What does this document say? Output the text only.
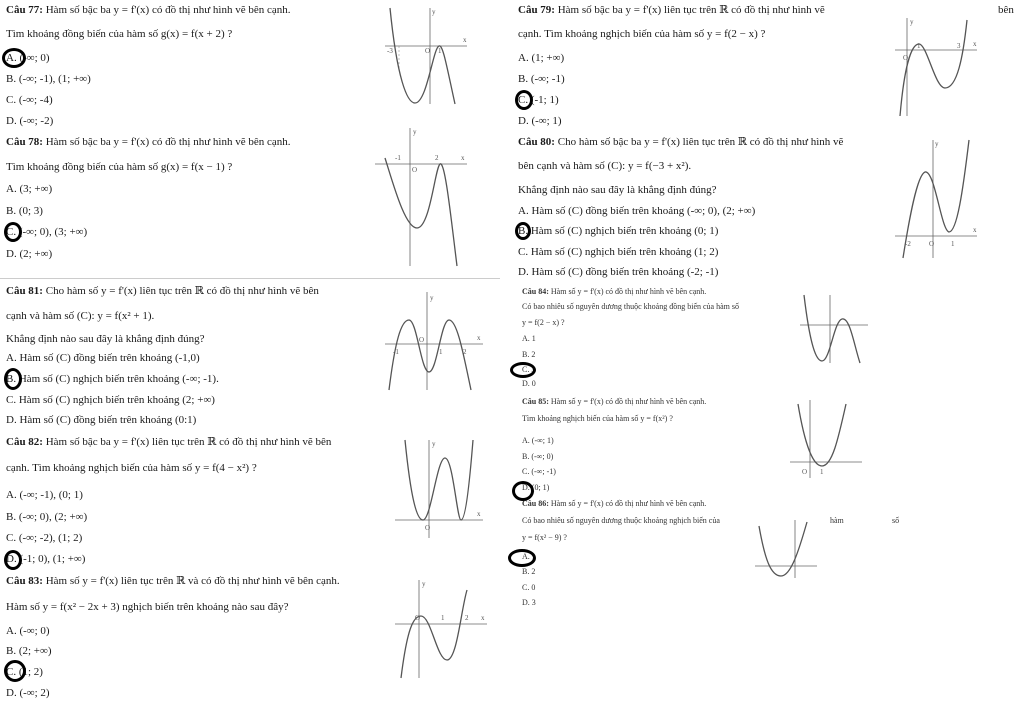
Câu 77: Hàm số bậc ba y = f'(x) có đồ thị như hình vẽ bên cạnh.
Tìm khoảng đồng biến của hàm số g(x) = f(x + 2) ?
A. (-∞; 0)
B. (-∞; -1), (1; +∞)
C. (-∞; -4)
D. (-∞; -2)
-3	O 1
x
y
Câu 78: Hàm số bậc ba y = f'(x) có đồ thị như hình vẽ bên cạnh.
Tìm khoảng đồng biến của hàm số g(x) = f(x − 1) ?
A. (3; +∞)
B. (0; 3)
C. (-∞; 0), (3; +∞)
D. (2; +∞)
-1
O
2	x
y
Câu 79: Hàm số bậc ba y = f'(x) liên tục trên ℝ có đồ thị như hình vẽ	bên
cạnh. Tìm khoảng nghịch biến của hàm số y = f(2 − x) ?
A. (1; +∞)
B. (-∞; -1)
C. (-1; 1)
D. (-∞; 1)
O
1	3 x
y
Câu 80: Cho hàm số bậc ba y = f'(x) liên tục trên ℝ có đồ thị như hình vẽ
bên cạnh và hàm số (C): y = f(−3 + x²).
Khẳng định nào sau đây là khẳng định đúng?
A. Hàm số (C) đồng biến trên khoảng (-∞; 0), (2; +∞)
B. Hàm số (C) nghịch biến trên khoảng (0; 1)
C. Hàm số (C) nghịch biến trên khoảng (1; 2)
D. Hàm số (C) đồng biến trên khoảng (-2; -1)
-2	O 1
x
y
Câu 81: Cho hàm số y = f'(x) liên tục trên ℝ có đồ thị như hình vẽ bên
cạnh và hàm số (C): y = f(x² + 1).
Khẳng định nào sau đây là khẳng định đúng?
A. Hàm số (C) đồng biến trên khoảng (-1,0)
B. Hàm số (C) nghịch biến trên khoảng (-∞; -1).
C. Hàm số (C) nghịch biến trên khoảng (2; +∞)
D. Hàm số (C) đồng biến trên khoảng (0:1)
-1
O
1	2
x
y
Câu 82: Hàm số bậc ba y = f'(x) liên tục trên ℝ có đồ thị như hình vẽ bên
cạnh. Tìm khoảng nghịch biến của hàm số y = f(4 − x²) ?
A. (-∞; -1), (0; 1)
B. (-∞; 0), (2; +∞)
C. (-∞; -2), (1; 2)
D. (-1; 0), (1; +∞)
O
x
y
Câu 83: Hàm số y = f'(x) liên tục trên ℝ và có đồ thị như hình vẽ bên cạnh.
Hàm số y = f(x² − 2x + 3) nghịch biến trên khoảng nào sau đây?
A. (-∞; 0)
B. (2; +∞)
C. (1; 2)
D. (-∞; 2)
O	1	2 x
y
Câu 84: Hàm số y = f'(x) có đồ thị như hình vẽ bên cạnh.
Có bao nhiêu số nguyên dương thuộc khoảng đồng biến của hàm số
y = f(2 − x) ?
A. 1
B. 2
C. 3
D. 0
Câu 85: Hàm số y = f'(x) có đồ thị như hình vẽ bên cạnh.
Tìm khoảng nghịch biến của hàm số y = f(x²) ?
A. (-∞; 1)
B. (-∞; 0)
C. (-∞; -1)
D. (0; 1)
O 1
Câu 86: Hàm số y = f'(x) có đồ thị như hình vẽ bên cạnh.
Có bao nhiêu số nguyên dương thuộc khoảng nghịch biến của	hàm	số
y = f(x² − 9) ?
A. 1
B. 2
C. 0
D. 3
